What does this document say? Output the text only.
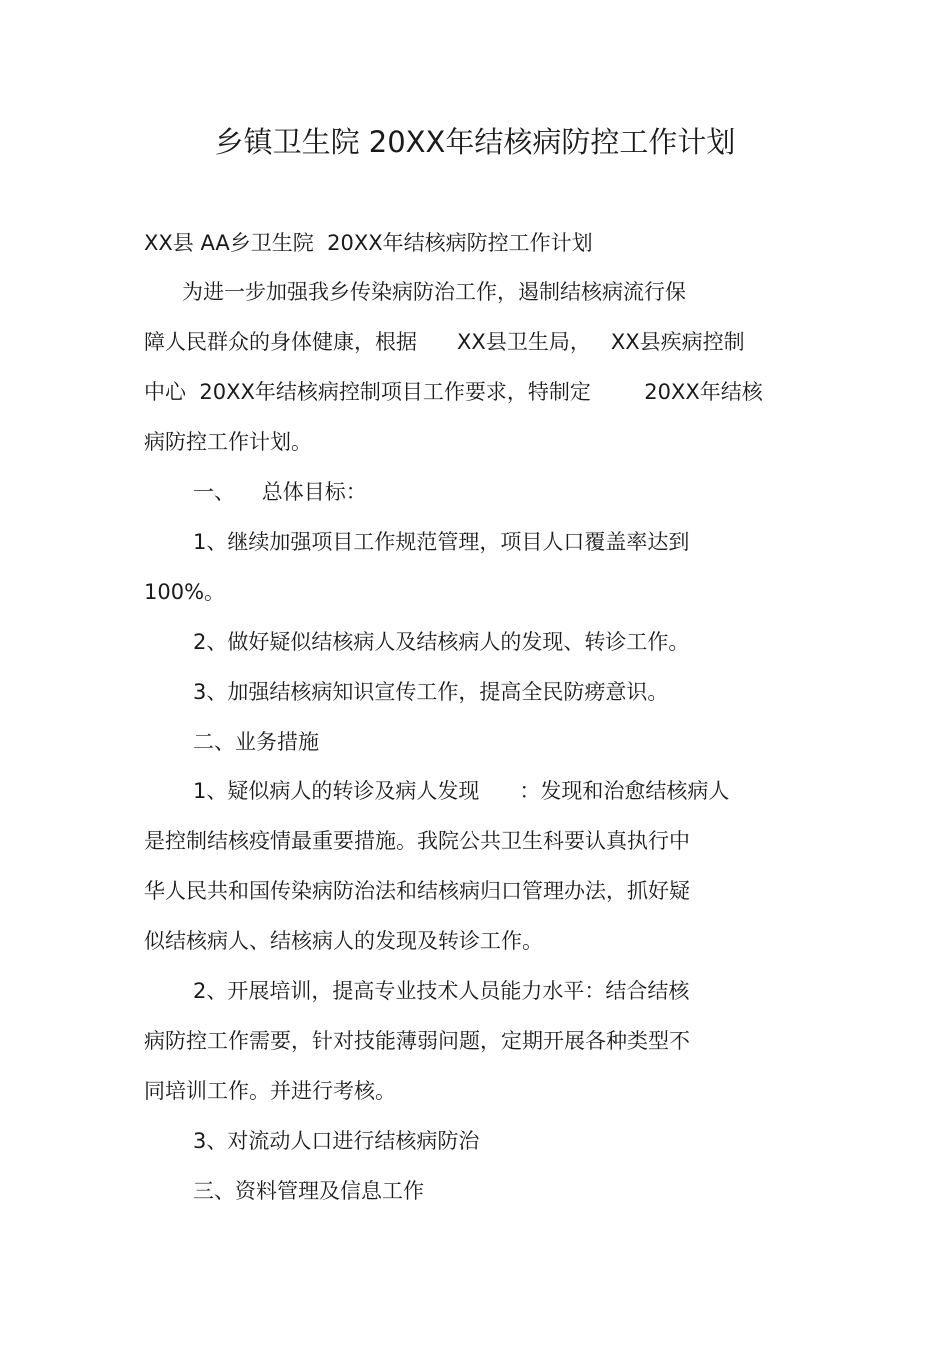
乡镇卫生院 20XX年结核病防控工作计划
XX县 AA乡卫生院  20XX年结核病防控工作计划
为进一步加强我乡传染病防治工作，遏制结核病流行保
障人民群众的身体健康，根据      XX县卫生局，   XX县疾病控制
中心  20XX年结核病控制项目工作要求，特制定        20XX年结核
病防控工作计划。
一、    总体目标：
1、继续加强项目工作规范管理，项目人口覆盖率达到
100%。
2、做好疑似结核病人及结核病人的发现、转诊工作。
3、加强结核病知识宣传工作，提高全民防痨意识。
二、业务措施
1、疑似病人的转诊及病人发现      ：发现和治愈结核病人
是控制结核疫情最重要措施。我院公共卫生科要认真执行中
华人民共和国传染病防治法和结核病归口管理办法，抓好疑
似结核病人、结核病人的发现及转诊工作。
2、开展培训，提高专业技术人员能力水平：结合结核
病防控工作需要，针对技能薄弱问题，定期开展各种类型不
同培训工作。并进行考核。
3、对流动人口进行结核病防治
三、资料管理及信息工作
